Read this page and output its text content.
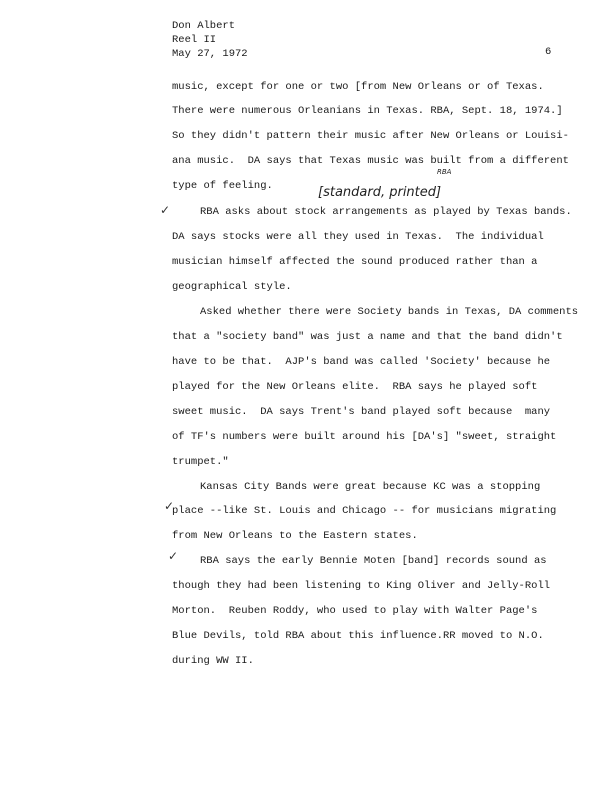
Don Albert
Reel II
May 27, 1972	6
music, except for one or two [from New Orleans or of Texas.
There were numerous Orleanians in Texas. RBA, Sept. 18, 1974.]
So they didn't pattern their music after New Orleans or Louisi-
ana music.  DA says that Texas music was built from a different
type of feeling.	[standard, printed]
RBA
✓	RBA asks about stock arrangements as played by Texas bands.
DA says stocks were all they used in Texas.  The individual
musician himself affected the sound produced rather than a
geographical style.
Asked whether there were Society bands in Texas, DA comments
that a "society band" was just a name and that the band didn't
have to be that.  AJP's band was called 'Society' because he
played for the New Orleans elite.  RBA says he played soft
sweet music.  DA says Trent's band played soft because  many
of TF's numbers were built around his [DA's] "sweet, straight
trumpet."
Kansas City Bands were great because KC was a stopping
✓
place --like St. Louis and Chicago -- for musicians migrating
from New Orleans to the Eastern states.
✓ RBA says the early Bennie Moten [band] records sound as
though they had been listening to King Oliver and Jelly-Roll
Morton.  Reuben Roddy, who used to play with Walter Page's
Blue Devils, told RBA about this influence.RR moved to N.O.
during WW II.
